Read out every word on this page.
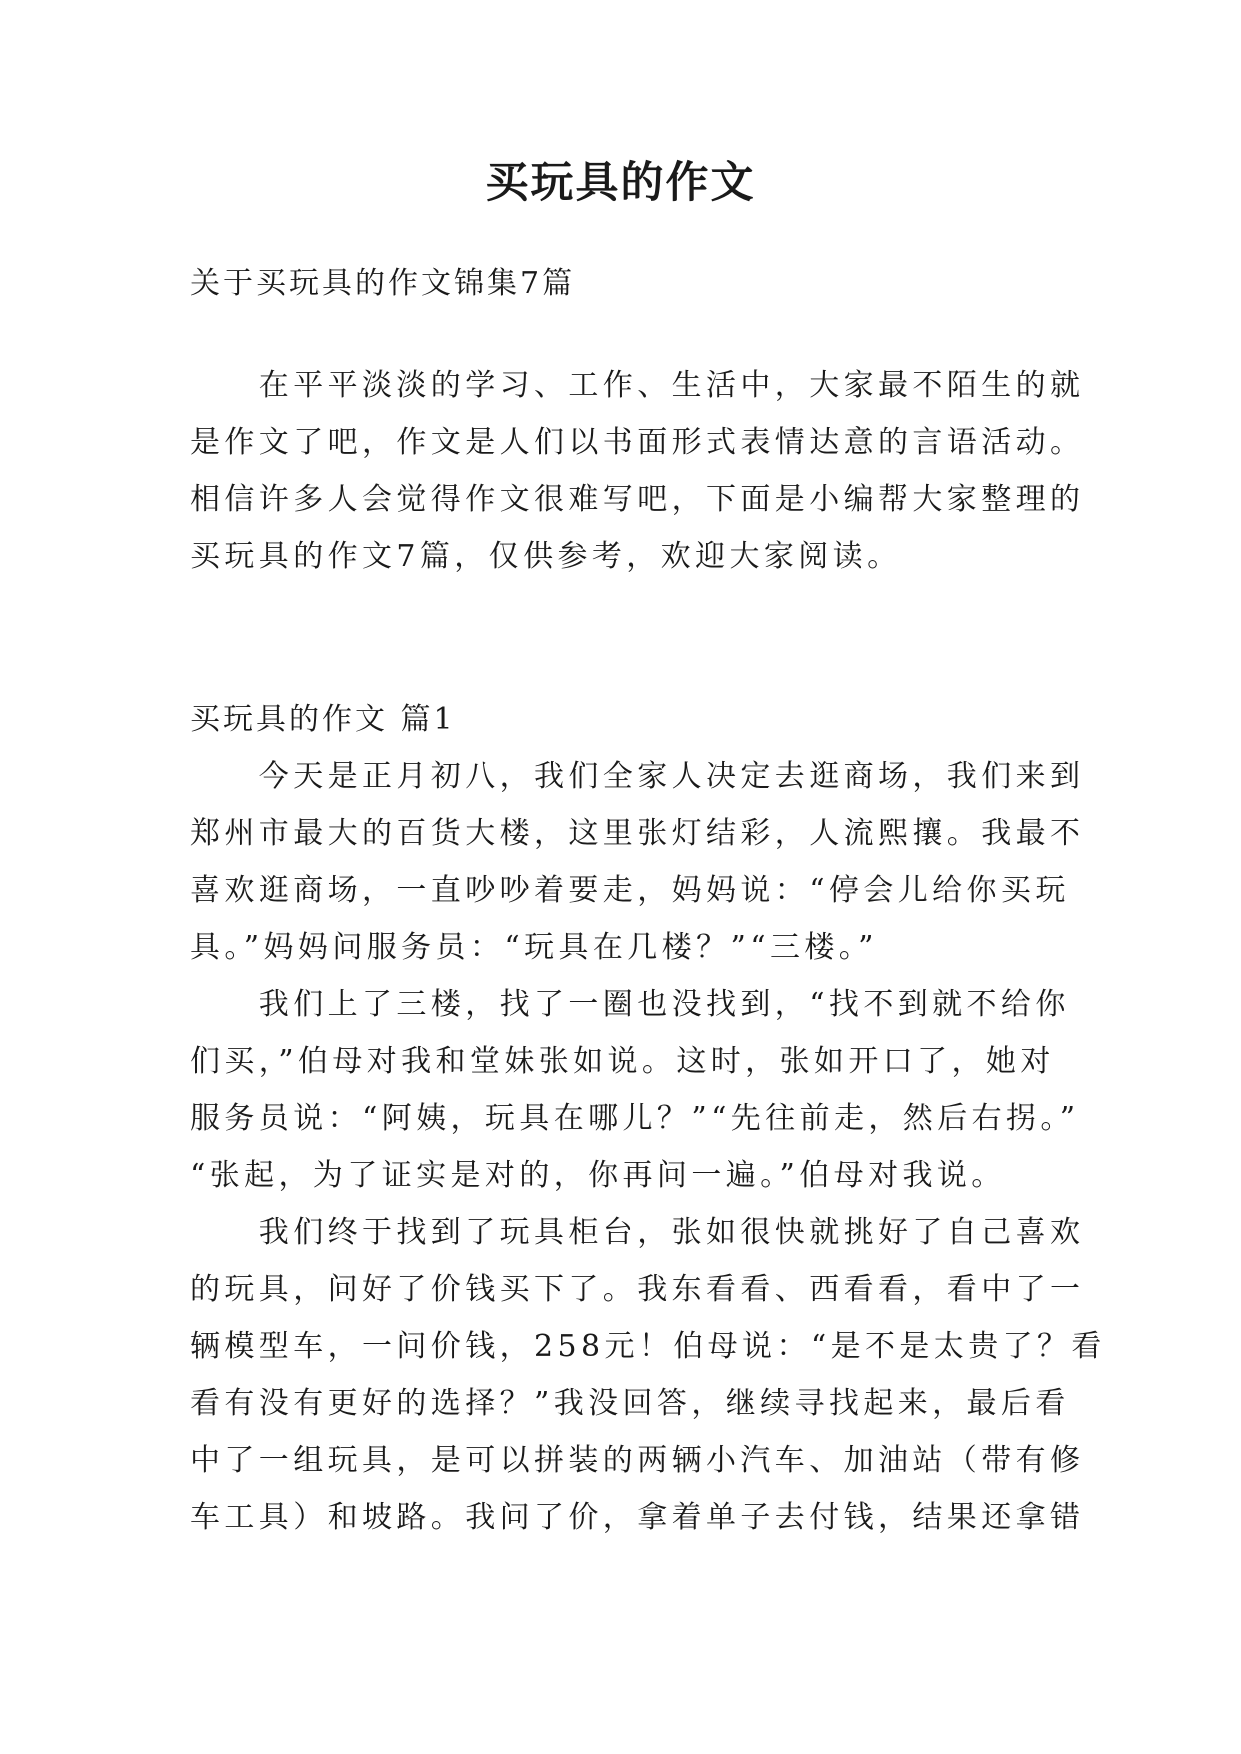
买玩具的作文

关于买玩具的作文锦集7篇

　　在平平淡淡的学习、工作、生活中，大家最不陌生的就

是作文了吧，作文是人们以书面形式表情达意的言语活动。

相信许多人会觉得作文很难写吧，下面是小编帮大家整理的

买玩具的作文7篇，仅供参考，欢迎大家阅读。

买玩具的作文 篇1

　　今天是正月初八，我们全家人决定去逛商场，我们来到

郑州市最大的百货大楼，这里张灯结彩，人流熙攘。我最不

喜欢逛商场，一直吵吵着要走，妈妈说：“停会儿给你买玩

具。”妈妈问服务员：“玩具在几楼？”“三楼。”

　　我们上了三楼，找了一圈也没找到，“找不到就不给你

们买，”伯母对我和堂妹张如说。这时，张如开口了，她对

服务员说：“阿姨，玩具在哪儿？”“先往前走，然后右拐。”

“张起，为了证实是对的，你再问一遍。”伯母对我说。

　　我们终于找到了玩具柜台，张如很快就挑好了自己喜欢

的玩具，问好了价钱买下了。我东看看、西看看，看中了一

辆模型车，一问价钱，258元！伯母说：“是不是太贵了？看

看有没有更好的选择？”我没回答，继续寻找起来，最后看

中了一组玩具，是可以拼装的两辆小汽车、加油站（带有修

车工具）和坡路。我问了价，拿着单子去付钱，结果还拿错
